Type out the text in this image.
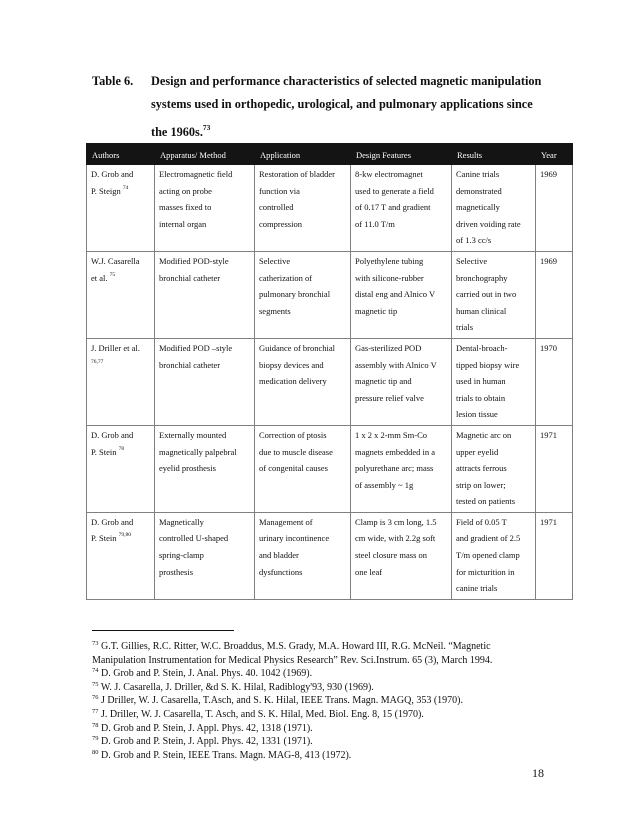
Table 6. Design and performance characteristics of selected magnetic manipulation
systems used in orthopedic, urological, and pulmonary applications since
the 1960s.$^{73}$
Authors	Apparatus/ Method	Application	Design Features	Results	Year

D. Grob and
P. Steign $^{74}$	Electromagnetic field
acting on probe
masses fixed to
internal organ	Restoration of bladder
function via
controlled
compression	8-kw electromagnet
used to generate a field
of 0.17 T and gradient
of 11.0 T/m	Canine trials
demonstrated
magnetically
driven voiding rate
of 1.3 cc/s	1969

W.J. Casarella
et al. $^{75}$	Modified POD-style
bronchial catheter	Selective
catherization of
pulmonary bronchial
segments	Polyethylene tubing
with silicone-rubber
distal eng and Alnico V
magnetic tip	Selective
bronchography
carried out in two
human clinical
trials	1969

J. Driller et al.
$^{76,77}$	Modified POD –style
bronchial catheter	Guidance of bronchial
biopsy devices and
medication delivery	Gas-sterilized POD
assembly with Alnico V
magnetic tip and
pressure relief valve	Dental-broach-
tipped biopsy wire
used in human
trials to obtain
lesion tissue	1970

D. Grob and
P. Stein $^{78}$	Externally mounted
magnetically palpebral
eyelid prosthesis	Correction of ptosis
due to muscle disease
of congenital causes	1 x 2 x 2-mm Sm-Co
magnets embedded in a
polyurethane arc; mass
of assembly ~ 1g	Magnetic arc on
upper eyelid
attracts ferrous
strip on lower;
tested on patients	1971

D. Grob and
P. Stein $^{79,80}$	Magnetically
controlled U-shaped
spring-clamp
prosthesis	Management of
urinary incontinence
and bladder
dysfunctions	Clamp is 3 cm long, 1.5
cm wide, with 2.2g soft
steel closure mass on
one leaf	Field of 0.05 T
and gradient of 2.5
T/m opened clamp
for micturition in
canine trials	1971
$^{73}$ G.T. Gillies, R.C. Ritter, W.C. Broaddus, M.S. Grady, M.A. Howard III, R.G. McNeil. “Magnetic
Manipulation Instrumentation for Medical Physics Research” Rev. Sci.Instrum. 65 (3), March 1994.
$^{74}$ D. Grob and P. Stein, J. Anal. Phys. 40. 1042 (1969).
$^{75}$ W. J. Casarella, J. Driller, &d S. K. Hilal, Radiblogy'93, 930 (1969).
$^{76}$ J Driller, W. J. Casarella, T.Asch, and S. K. Hilal, IEEE Trans. Magn. MAGQ, 353 (1970).
$^{77}$ J. Driller, W. J. Casarella, T. Asch, and S. K. Hilal, Med. Biol. Eng. 8, 15 (1970).
$^{78}$ D. Grob and P. Stein, J. Appl. Phys. 42, 1318 (1971).
$^{79}$ D. Grob and P. Stein, J. Appl. Phys. 42, 1331 (1971).
$^{80}$ D. Grob and P. Stein, IEEE Trans. Magn. MAG-8, 413 (1972).
18
